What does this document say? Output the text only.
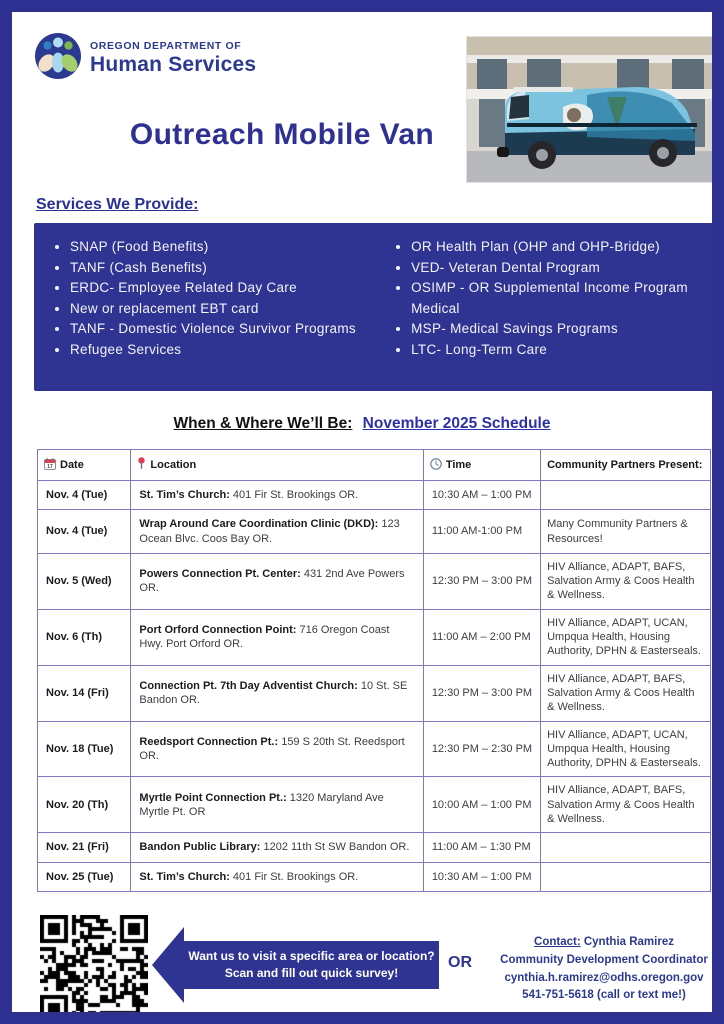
OREGON DEPARTMENT OF
Human Services
Outreach Mobile Van
Services We Provide:
• SNAP (Food Benefits)
• TANF (Cash Benefits)
• ERDC- Employee Related Day Care
• New or replacement EBT card
• TANF - Domestic Violence Survivor Programs
• Refugee Services
• OR Health Plan (OHP and OHP-Bridge)
• VED- Veteran Dental Program
• OSIMP - OR Supplemental Income Program Medical
• MSP- Medical Savings Programs
• LTC- Long-Term Care
When & Where We’ll Be: November 2025 Schedule
17 Date	Location	Time	Community Partners Present:
Nov. 4 (Tue)	St. Tim’s Church: 401 Fir St. Brookings OR.	10:30 AM – 1:00 PM	
Nov. 4 (Tue)	Wrap Around Care Coordination Clinic (DKD): 123 Ocean Blvc. Coos Bay OR.	11:00 AM-1:00 PM	Many Community Partners & Resources!
Nov. 5 (Wed)	Powers Connection Pt. Center: 431 2nd Ave Powers OR.	12:30 PM – 3:00 PM	HIV Alliance, ADAPT, BAFS, Salvation Army & Coos Health & Wellness.
Nov. 6 (Th)	Port Orford Connection Point: 716 Oregon Coast Hwy. Port Orford OR.	11:00 AM – 2:00 PM	HIV Alliance, ADAPT, UCAN, Umpqua Health, Housing Authority, DPHN & Easterseals.
Nov. 14 (Fri)	Connection Pt. 7th Day Adventist Church: 10 St. SE Bandon OR.	12:30 PM – 3:00 PM	HIV Alliance, ADAPT, BAFS, Salvation Army & Coos Health & Wellness.
Nov. 18 (Tue)	Reedsport Connection Pt.: 159 S 20th St. Reedsport OR.	12:30 PM – 2:30 PM	HIV Alliance, ADAPT, UCAN, Umpqua Health, Housing Authority, DPHN & Easterseals.
Nov. 20 (Th)	Myrtle Point Connection Pt.: 1320 Maryland Ave Myrtle Pt. OR	10:00 AM – 1:00 PM	HIV Alliance, ADAPT, BAFS, Salvation Army & Coos Health & Wellness.
Nov. 21 (Fri)	Bandon Public Library: 1202 11th St SW Bandon OR.	11:00 AM – 1:30 PM	
Nov. 25 (Tue)	St. Tim’s Church: 401 Fir St. Brookings OR.	10:30 AM – 1:00 PM	
Want us to visit a specific area or location?
Scan and fill out quick survey!
OR
Contact: Cynthia Ramirez
Community Development Coordinator
cynthia.h.ramirez@odhs.oregon.gov
541-751-5618 (call or text me!)
